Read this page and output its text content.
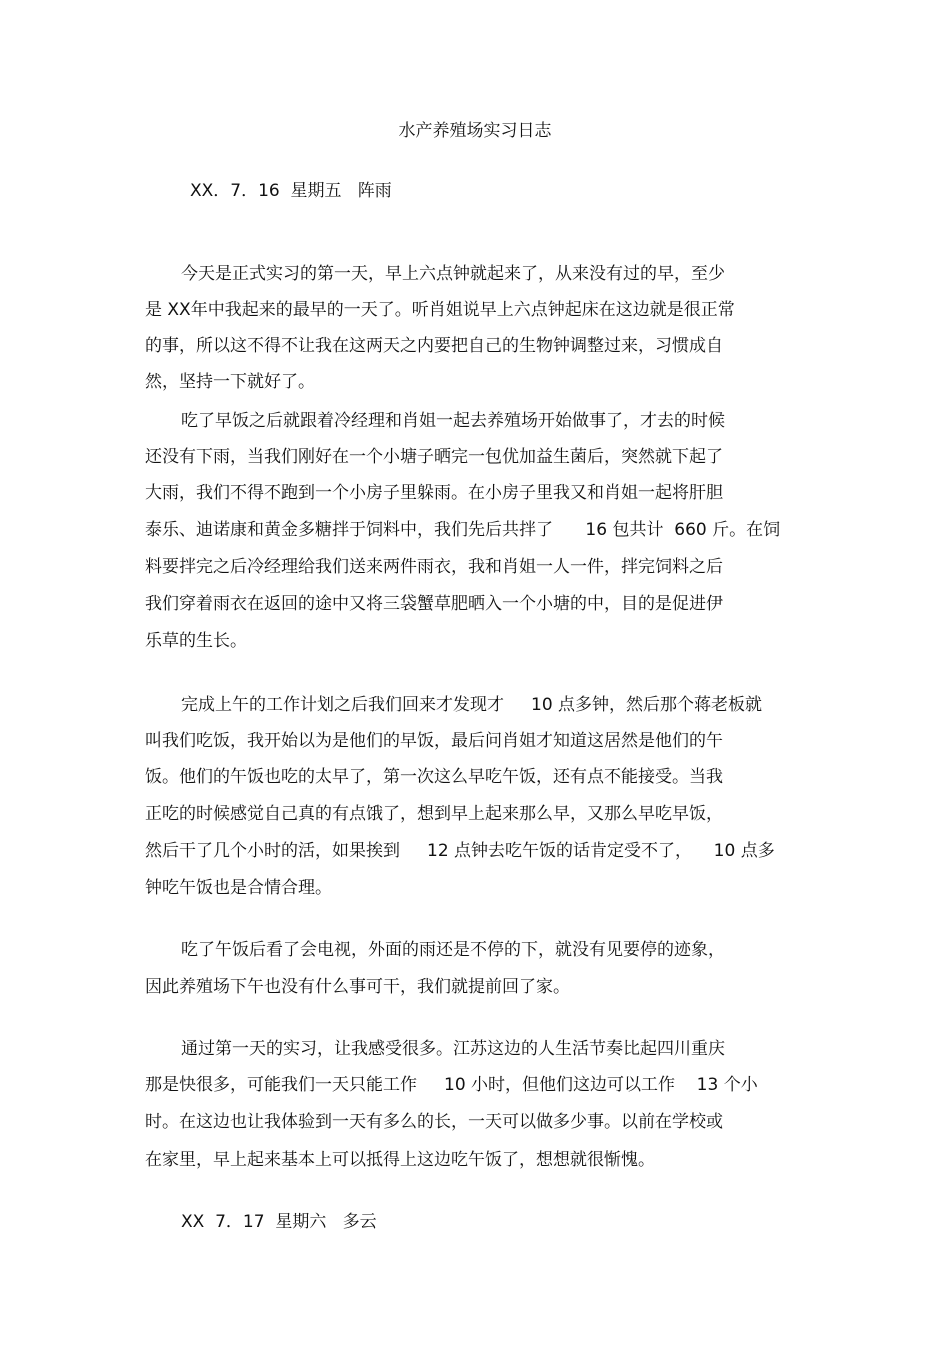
水产养殖场实习日志
XX．7．16  星期五   阵雨
今天是正式实习的第一天，早上六点钟就起来了，从来没有过的早，至少
是 XX年中我起来的最早的一天了。听肖姐说早上六点钟起床在这边就是很正常
的事，所以这不得不让我在这两天之内要把自己的生物钟调整过来，习惯成自
然，坚持一下就好了。
吃了早饭之后就跟着冷经理和肖姐一起去养殖场开始做事了，才去的时候
还没有下雨，当我们刚好在一个小塘子晒完一包优加益生菌后，突然就下起了
大雨，我们不得不跑到一个小房子里躲雨。在小房子里我又和肖姐一起将肝胆
泰乐、迪诺康和黄金多糖拌于饲料中，我们先后共拌了      16 包共计  660 斤。在饲
料要拌完之后冷经理给我们送来两件雨衣，我和肖姐一人一件，拌完饲料之后
我们穿着雨衣在返回的途中又将三袋蟹草肥晒入一个小塘的中，目的是促进伊
乐草的生长。
完成上午的工作计划之后我们回来才发现才     10 点多钟，然后那个蒋老板就
叫我们吃饭，我开始以为是他们的早饭，最后问肖姐才知道这居然是他们的午
饭。他们的午饭也吃的太早了，第一次这么早吃午饭，还有点不能接受。当我
正吃的时候感觉自己真的有点饿了，想到早上起来那么早，又那么早吃早饭，
然后干了几个小时的活，如果挨到     12 点钟去吃午饭的话肯定受不了，    10 点多
钟吃午饭也是合情合理。
吃了午饭后看了会电视，外面的雨还是不停的下，就没有见要停的迹象，
因此养殖场下午也没有什么事可干，我们就提前回了家。
通过第一天的实习，让我感受很多。江苏这边的人生活节奏比起四川重庆
那是快很多，可能我们一天只能工作     10 小时，但他们这边可以工作    13 个小
时。在这边也让我体验到一天有多么的长，一天可以做多少事。以前在学校或
在家里，早上起来基本上可以抵得上这边吃午饭了，想想就很惭愧。
XX  7．17  星期六   多云
